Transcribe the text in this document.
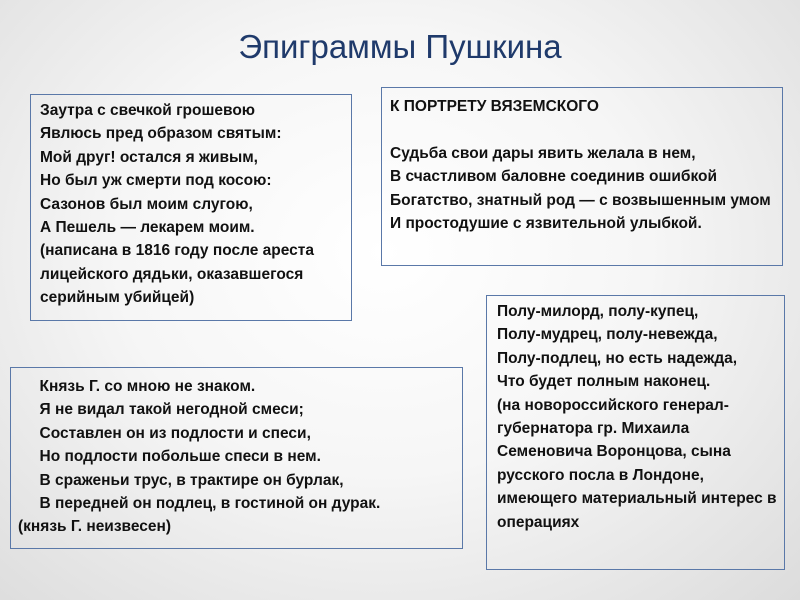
Эпиграммы Пушкина
Заутра с свечкой грошевою
Явлюсь пред образом святым:
Мой друг! остался я живым,
Но был уж смерти под косою:
Сазонов был моим слугою,
А Пешель — лекарем моим.
(написана в 1816 году после ареста лицейского дядьки, оказавшегося серийным убийцей)
К ПОРТРЕТУ ВЯЗЕМСКОГО

Судьба свои дары явить желала в нем,
В счастливом баловне соединив ошибкой
Богатство, знатный род — с возвышенным умом
И простодушие с язвительной улыбкой.
Князь Г. со мною не знаком.
Я не видал такой негодной смеси;
Составлен он из подлости и спеси,
Но подлости побольше спеси в нем.
В сраженьи трус, в трактире он бурлак,
В передней он подлец, в гостиной он дурак.
(князь Г. неизвесен)
Полу-милорд, полу-купец,
Полу-мудрец, полу-невежда,
Полу-подлец, но есть надежда,
Что будет полным наконец.
(на новороссийского генерал-губернатора гр. Михаила Семеновича Воронцова, сына русского посла в Лондоне, имеющего материальный интерес в операциях
